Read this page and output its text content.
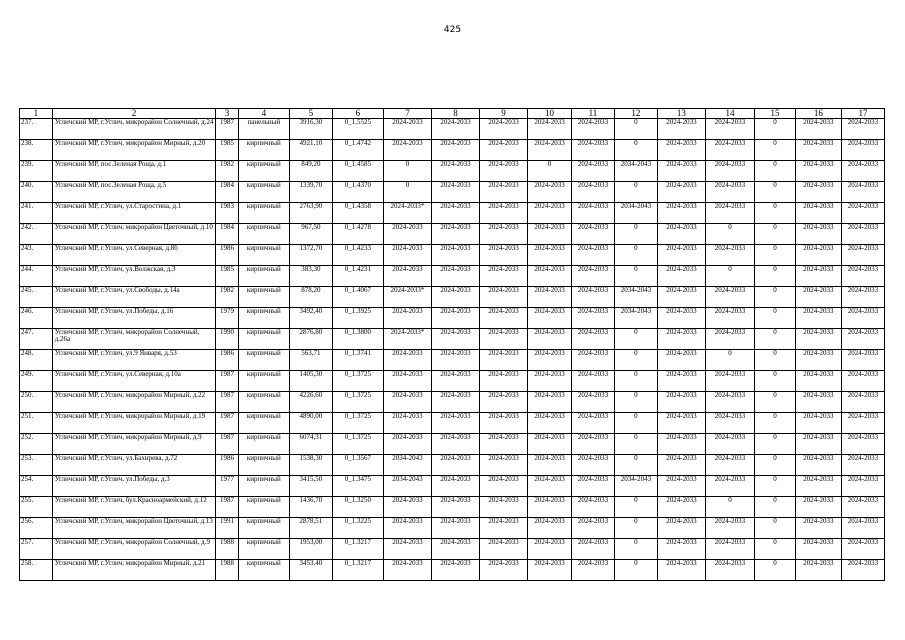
425
1	2	3	4	5	6	7	8	9	10	11	12	13	14	15	16	17
237.	Угличский МР, г.Углич, микрорайон Солнечный, д.24	1987	панельный	3916,30	0_1.5525	2024-2033	2024-2033	2024-2033	2024-2033	2024-2033	0	2024-2033	2024-2033	0	2024-2033	2024-2033
238.	Угличский МР, г.Углич, микрорайон Мирный, д.20	1985	кирпичный	4921,10	0_1.4742	2024-2033	2024-2033	2024-2033	2024-2033	2024-2033	0	2024-2033	2024-2033	0	2024-2033	2024-2033
239.	Угличский МР, пос.Зеленая Роща, д.1	1982	кирпичный	849,20	0_1.4585	0	2024-2033	2024-2033	0	2024-2033	2034-2043	2024-2033	2024-2033	0	2024-2033	2024-2033
240.	Угличский МР, пос.Зеленая Роща, д.5	1984	кирпичный	1339,70	0_1.4370	0	2024-2033	2024-2033	2024-2033	2024-2033	0	2024-2033	2024-2033	0	2024-2033	2024-2033
241.	Угличский МР, г.Углич, ул.Старостина, д.1	1983	кирпичный	2763,90	0_1.4358	2024-2033*	2024-2033	2024-2033	2024-2033	2024-2033	2034-2043	2024-2033	2024-2033	0	2024-2033	2024-2033
242.	Угличский МР, г.Углич, микрорайон Цветочный, д.10	1984	кирпичный	967,50	0_1.4278	2024-2033	2024-2033	2024-2033	2024-2033	2024-2033	0	2024-2033	0	0	2024-2033	2024-2033
243.	Угличский МР, г.Углич, ул.Северная, д.8б	1986	кирпичный	1372,70	0_1.4233	2024-2033	2024-2033	2024-2033	2024-2033	2024-2033	0	2024-2033	2024-2033	0	2024-2033	2024-2033
244.	Угличский МР, г.Углич, ул.Волжская, д.3	1985	кирпичный	383,30	0_1.4231	2024-2033	2024-2033	2024-2033	2024-2033	2024-2033	0	2024-2033	0	0	2024-2033	2024-2033
245.	Угличский МР, г.Углич, ул.Свободы, д.14а	1982	кирпичный	878,20	0_1.4067	2024-2033*	2024-2033	2024-2033	2024-2033	2024-2033	2034-2043	2024-2033	2024-2033	0	2024-2033	2024-2033
246.	Угличский МР, г.Углич, ул.Победы, д.16	1979	кирпичный	3492,40	0_1.3925	2024-2033	2024-2033	2024-2033	2024-2033	2024-2033	2034-2043	2024-2033	2024-2033	0	2024-2033	2024-2033
247.	Угличский МР, г.Углич, микрорайон Солнечный, д.26а	1990	кирпичный	2876,80	0_1.3800	2024-2033*	2024-2033	2024-2033	2024-2033	2024-2033	0	2024-2033	2024-2033	0	2024-2033	2024-2033
248.	Угличский МР, г.Углич, ул.9 Января, д.53	1986	кирпичный	563,71	0_1.3741	2024-2033	2024-2033	2024-2033	2024-2033	2024-2033	0	2024-2033	0	0	2024-2033	2024-2033
249.	Угличский МР, г.Углич, ул.Северная, д.10а	1987	кирпичный	1405,30	0_1.3725	2024-2033	2024-2033	2024-2033	2024-2033	2024-2033	0	2024-2033	2024-2033	0	2024-2033	2024-2033
250.	Угличский МР, г.Углич, микрорайон Мирный, д.22	1987	кирпичный	4226,60	0_1.3725	2024-2033	2024-2033	2024-2033	2024-2033	2024-2033	0	2024-2033	2024-2033	0	2024-2033	2024-2033
251.	Угличский МР, г.Углич, микрорайон Мирный, д.19	1987	кирпичный	4890,00	0_1.3725	2024-2033	2024-2033	2024-2033	2024-2033	2024-2033	0	2024-2033	2024-2033	0	2024-2033	2024-2033
252.	Угличский МР, г.Углич, микрорайон Мирный, д.9	1987	кирпичный	6074,31	0_1.3725	2024-2033	2024-2033	2024-2033	2024-2033	2024-2033	0	2024-2033	2024-2033	0	2024-2033	2024-2033
253.	Угличский МР, г.Углич, ул.Бахирева, д.72	1986	кирпичный	1538,30	0_1.3567	2034-2043	2024-2033	2024-2033	2024-2033	2024-2033	0	2024-2033	2024-2033	0	2024-2033	2024-2033
254.	Угличский МР, г.Углич, ул.Победы, д.3	1977	кирпичный	3415,50	0_1.3475	2034-2043	2024-2033	2024-2033	2024-2033	2024-2033	2034-2043	2024-2033	2024-2033	0	2024-2033	2024-2033
255.	Угличский МР, г.Углич, бул.Красноармейский, д.12	1987	кирпичный	1436,70	0_1.3250	2024-2033	2024-2033	2024-2033	2024-2033	2024-2033	0	2024-2033	0	0	2024-2033	2024-2033
256.	Угличский МР, г.Углич, микрорайон Цветочный, д.13	1991	кирпичный	2878,51	0_1.3225	2024-2033	2024-2033	2024-2033	2024-2033	2024-2033	0	2024-2033	2024-2033	0	2024-2033	2024-2033
257.	Угличский МР, г.Углич, микрорайон Солнечный, д.9	1988	кирпичный	1953,00	0_1.3217	2024-2033	2024-2033	2024-2033	2024-2033	2024-2033	0	2024-2033	2024-2033	0	2024-2033	2024-2033
258.	Угличский МР, г.Углич, микрорайон Мирный, д.21	1988	кирпичный	3453,40	0_1.3217	2024-2033	2024-2033	2024-2033	2024-2033	2024-2033	0	2024-2033	2024-2033	0	2024-2033	2024-2033
